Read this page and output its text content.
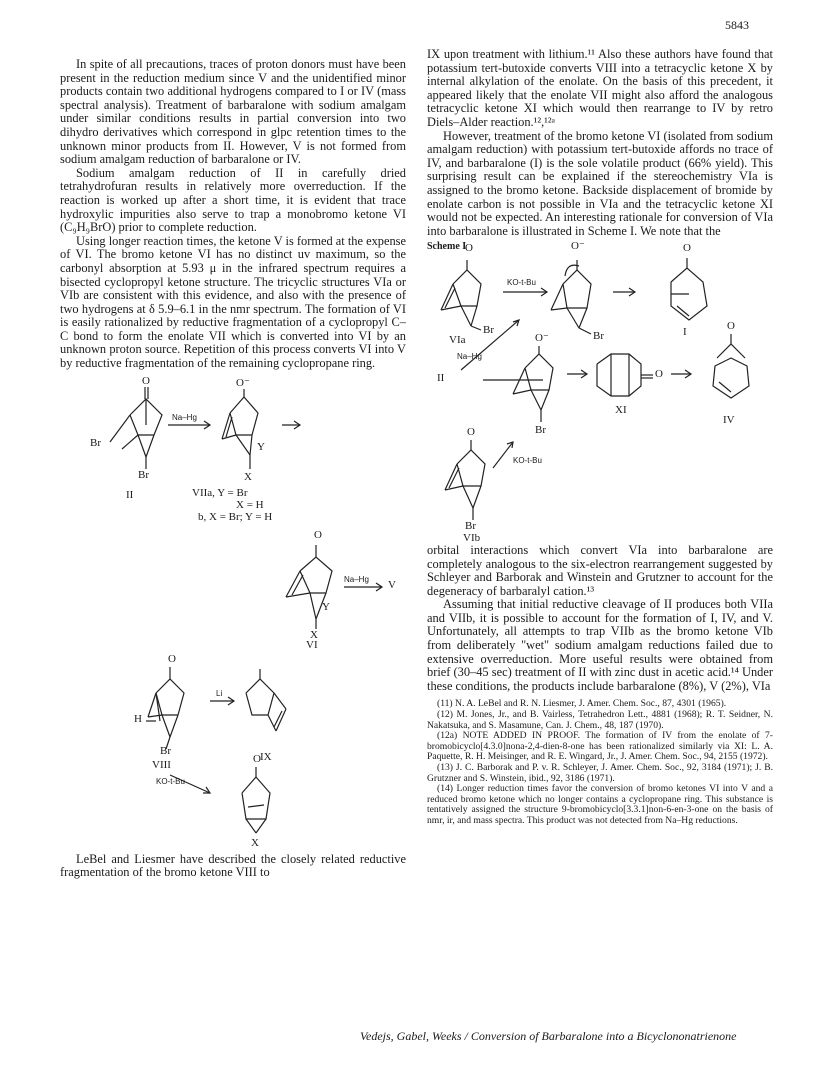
5843

In spite of all precautions, traces of proton donors must have been present in the reduction medium since V and the unidentified minor products contain two additional hydrogens compared to I or IV (mass spectral analysis). Treatment of barbaralone with sodium amalgam under similar conditions results in partial conversion into two dihydro derivatives which correspond in glpc retention times to the unknown minor products from II. However, V is not formed from sodium amalgam reduction of barbaralone or IV.

Sodium amalgam reduction of II in carefully dried tetrahydrofuran results in relatively more overreduction. If the reaction is worked up after a short time, it is evident that trace hydroxylic impurities also serve to trap a monobromo ketone VI (C₉H₉BrO) prior to complete reduction.

Using longer reaction times, the ketone V is formed at the expense of VI. The bromo ketone VI has no distinct uv maximum, so the carbonyl absorption at 5.93 μ in the infrared spectrum requires a bisected cyclopropyl ketone structure. The tricyclic structures VIa or VIb are consistent with this evidence, and also with the presence of two hydrogens at δ 5.9–6.1 in the nmr spectrum. The formation of VI is easily rationalized by reductive fragmentation of a cyclopropyl C–C bond to form the enolate VII which is converted into VI by an unknown proton source. Repetition of this process converts VI into V by reductive fragmentation of the remaining cyclopropane ring.

O
Br
Br
II
Na–Hg
O⁻
Y
X
VIIa, Y = Br
X = H
b, X = Br; Y = H
O
Na–Hg V
Y
X
VI
O
H
Br
VIII
Li
IX
KO-t-Bu
O
X

LeBel and Liesmer have described the closely related reductive fragmentation of the bromo ketone VIII to

IX upon treatment with lithium.¹¹ Also these authors have found that potassium tert-butoxide converts VIII into a tetracyclic ketone X by internal alkylation of the enolate. On the basis of this precedent, it appeared likely that the enolate VII might also afford the analogous tetracyclic ketone XI which would then rearrange to IV by retro Diels–Alder reaction.¹²,¹²ᵃ

However, treatment of the bromo ketone VI (isolated from sodium amalgam reduction) with potassium tert-butoxide affords no trace of IV, and barbaralone (I) is the sole volatile product (66% yield). This surprising result can be explained if the stereochemistry VIa is assigned to the bromo ketone. Backside displacement of bromide by enolate carbon is not possible in VIa and the tetracyclic ketone XI would not be expected. An interesting rationale for conversion of VIa into barbaralone is illustrated in Scheme I. We note that the

Scheme I
O
Br
VIa
KO-t-Bu
O⁻
Br
O
I
II
Na–Hg
O⁻
Br
O
XI
O
IV
O
KO-t-Bu
Br
VIb

orbital interactions which convert VIa into barbaralone are completely analogous to the six-electron rearrangement suggested by Schleyer and Barborak and Winstein and Grutzner to account for the degeneracy of barbaralyl cation.¹³

Assuming that initial reductive cleavage of II produces both VIIa and VIIb, it is possible to account for the formation of I, IV, and V. Unfortunately, all attempts to trap VIIb as the bromo ketone VIb from deliberately "wet" sodium amalgam reductions failed due to extensive overreduction. More useful results were obtained from brief (30–45 sec) treatment of II with zinc dust in acetic acid.¹⁴ Under these conditions, the products include barbaralone (8%), V (2%), VIa

(11) N. A. LeBel and R. N. Liesmer, J. Amer. Chem. Soc., 87, 4301 (1965).
(12) M. Jones, Jr., and B. Vairless, Tetrahedron Lett., 4881 (1968); R. T. Seidner, N. Nakatsuka, and S. Masamune, Can. J. Chem., 48, 187 (1970).
(12a) NOTE ADDED IN PROOF. The formation of IV from the enolate of 7-bromobicyclo[4.3.0]nona-2,4-dien-8-one has been rationalized similarly via XI: L. A. Paquette, R. H. Meisinger, and R. E. Wingard, Jr., J. Amer. Chem. Soc., 94, 2155 (1972).
(13) J. C. Barborak and P. v. R. Schleyer, J. Amer. Chem. Soc., 92, 3184 (1971); J. B. Grutzner and S. Winstein, ibid., 92, 3186 (1971).
(14) Longer reduction times favor the conversion of bromo ketones VI into V and a reduced bromo ketone which no longer contains a cyclopropane ring. This substance is tentatively assigned the structure 9-bromobicyclo[3.3.1]non-6-en-3-one on the basis of nmr, ir, and mass spectra. This product was not detected from Na–Hg reductions.
Vedejs, Gabel, Weeks / Conversion of Barbaralone into a Bicyclononatrienone
